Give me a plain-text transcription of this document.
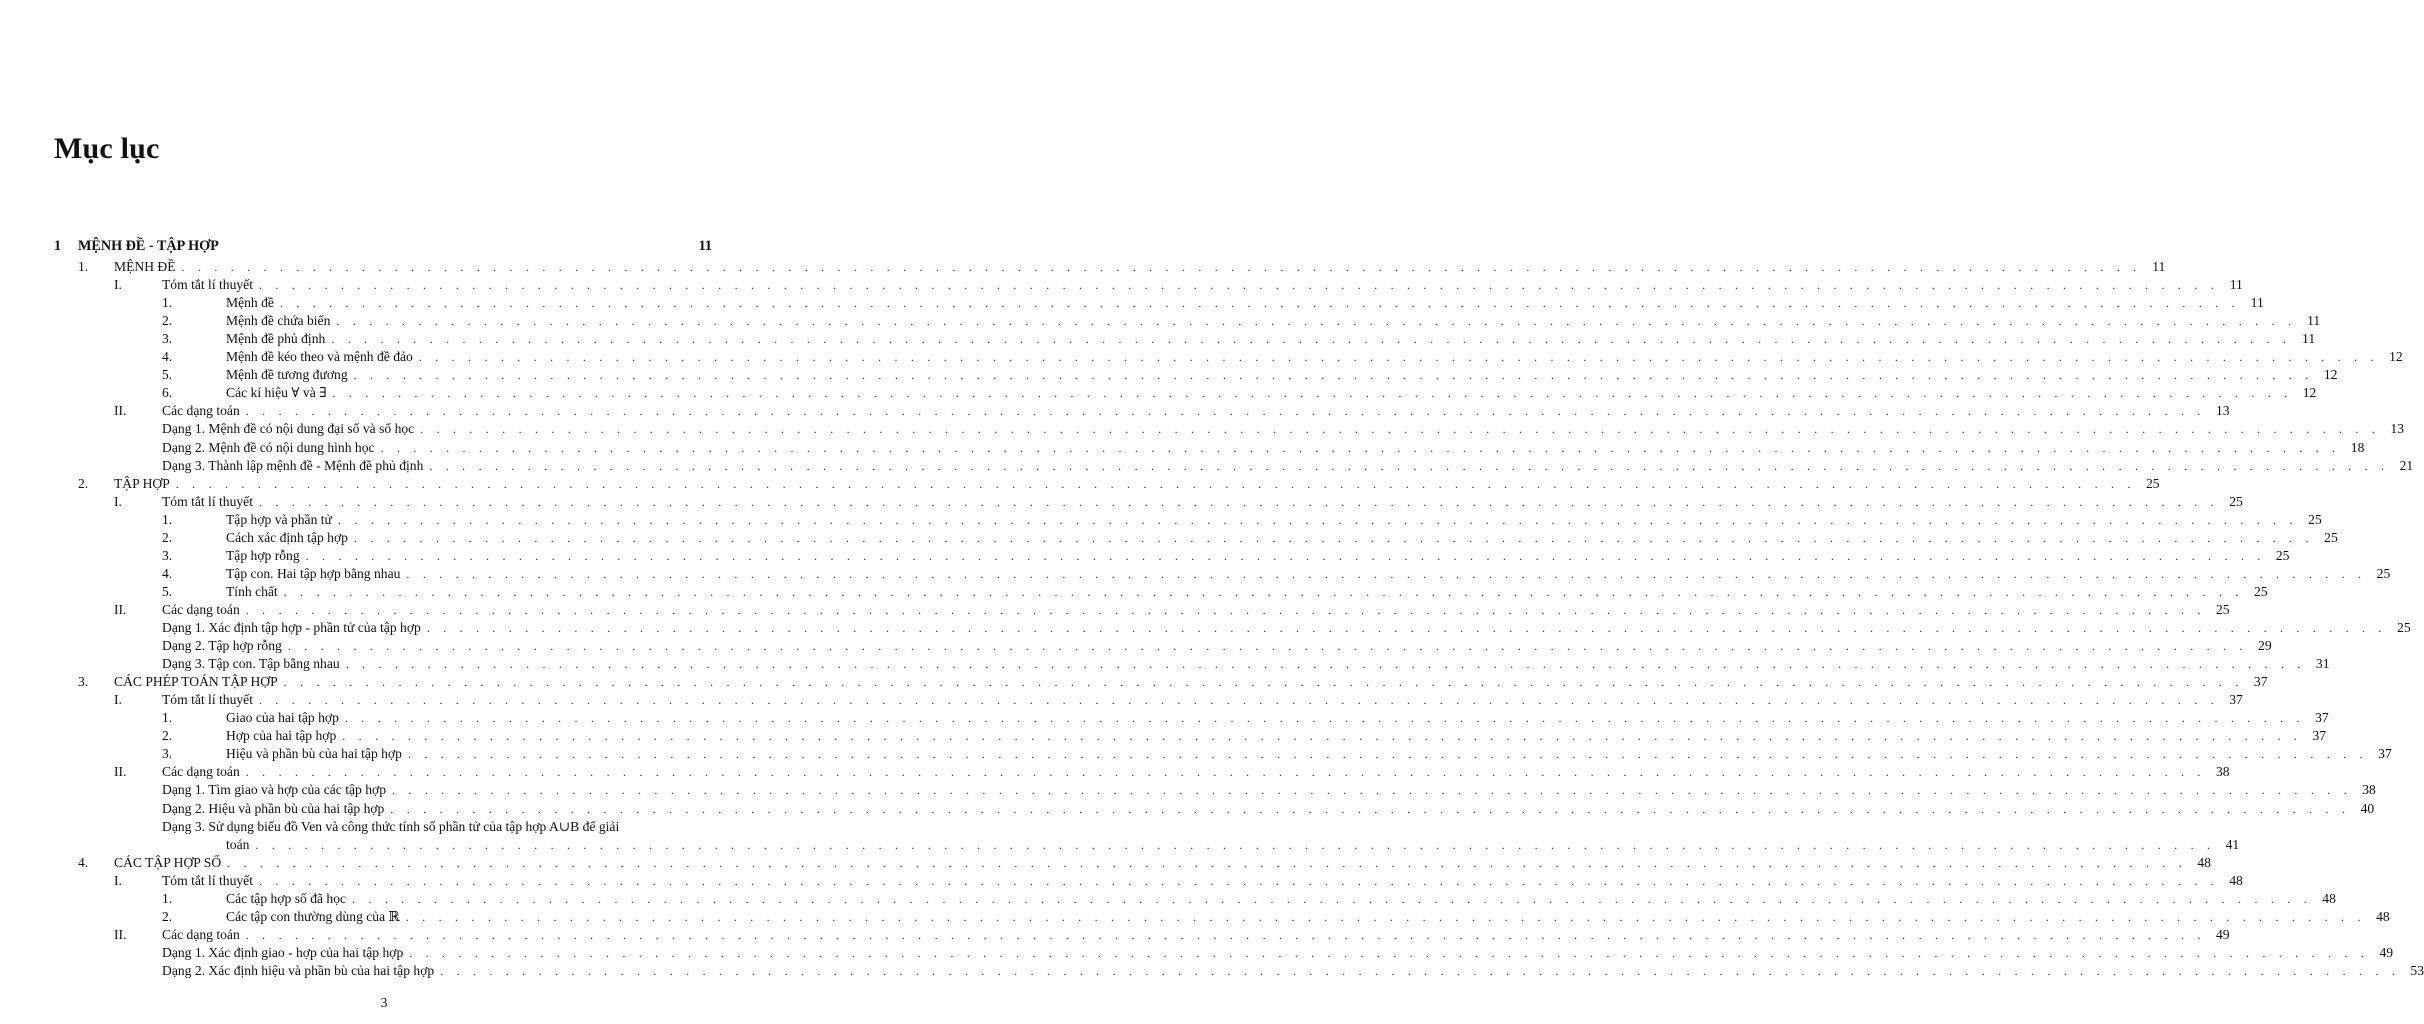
Mục lục
1 MỆNH ĐỀ - TẬP HỢP	11
1. MỆNH ĐỀ . . . . . . . . . . . . . . . . . . . . . . . . . . . . . . . . . . . . . . . . . . . . . . . . . . . . . . . . . . . . . . . . . . . . . . . . . . . . . . . . . . . . . . . . . . . . . . . . . . . . . . . . . . . . . . . . . . . . . . . . 11
I.	Tóm tắt lí thuyết . . . . . . . . . . . . . . . . . . . . . . . . . . . . . . . . . . . . . . . . . . . . . . . . . . . . . . . . . . . . . . . . . . . . . . . . . . . . . . . . . . . . . . . . . . . . . . . . . . . . . . . . . . . . . . . . . . . . . . . . 11
1.	Mệnh đề . . . . . . . . . . . . . . . . . . . . . . . . . . . . . . . . . . . . . . . . . . . . . . . . . . . . . . . . . . . . . . . . . . . . . . . . . . . . . . . . . . . . . . . . . . . . . . . . . . . . . . . . . . . . . . . . . . . . . . . . 11
2.	Mệnh đề chứa biến . . . . . . . . . . . . . . . . . . . . . . . . . . . . . . . . . . . . . . . . . . . . . . . . . . . . . . . . . . . . . . . . . . . . . . . . . . . . . . . . . . . . . . . . . . . . . . . . . . . . . . . . . . . . . . . . . . . . . . . . 11
3.	Mệnh đề phủ định . . . . . . . . . . . . . . . . . . . . . . . . . . . . . . . . . . . . . . . . . . . . . . . . . . . . . . . . . . . . . . . . . . . . . . . . . . . . . . . . . . . . . . . . . . . . . . . . . . . . . . . . . . . . . . . . . . . . . . . . 11
4.	Mệnh đề kéo theo và mệnh đề đảo . . . . . . . . . . . . . . . . . . . . . . . . . . . . . . . . . . . . . . . . . . . . . . . . . . . . . . . . . . . . . . . . . . . . . . . . . . . . . . . . . . . . . . . . . . . . . . . . . . . . . . . . . . . . . . . . . . . . . . . . 12
5.	Mệnh đề tương đương . . . . . . . . . . . . . . . . . . . . . . . . . . . . . . . . . . . . . . . . . . . . . . . . . . . . . . . . . . . . . . . . . . . . . . . . . . . . . . . . . . . . . . . . . . . . . . . . . . . . . . . . . . . . . . . . . . . . . . . . 12
6.	Các kí hiệu ∀ và ∃ . . . . . . . . . . . . . . . . . . . . . . . . . . . . . . . . . . . . . . . . . . . . . . . . . . . . . . . . . . . . . . . . . . . . . . . . . . . . . . . . . . . . . . . . . . . . . . . . . . . . . . . . . . . . . . . . . . . . . . . . 12
II.	Các dạng toán . . . . . . . . . . . . . . . . . . . . . . . . . . . . . . . . . . . . . . . . . . . . . . . . . . . . . . . . . . . . . . . . . . . . . . . . . . . . . . . . . . . . . . . . . . . . . . . . . . . . . . . . . . . . . . . . . . . . . . . . 13
Dạng 1. Mệnh đề có nội dung đại số và số học . . . . . . . . . . . . . . . . . . . . . . . . . . . . . . . . . . . . . . . . . . . . . . . . . . . . . . . . . . . . . . . . . . . . . . . . . . . . . . . . . . . . . . . . . . . . . . . . . . . . . . . . . . . . . . . . . . . . . . . . 13
Dạng 2. Mệnh đề có nội dung hình học . . . . . . . . . . . . . . . . . . . . . . . . . . . . . . . . . . . . . . . . . . . . . . . . . . . . . . . . . . . . . . . . . . . . . . . . . . . . . . . . . . . . . . . . . . . . . . . . . . . . . . . . . . . . . . . . . . . . . . . . 18
Dạng 3. Thành lập mệnh đề - Mệnh đề phủ định . . . . . . . . . . . . . . . . . . . . . . . . . . . . . . . . . . . . . . . . . . . . . . . . . . . . . . . . . . . . . . . . . . . . . . . . . . . . . . . . . . . . . . . . . . . . . . . . . . . . . . . . . . . . . . . . . . . . . . . . 21
2. TẬP HỢP . . . . . . . . . . . . . . . . . . . . . . . . . . . . . . . . . . . . . . . . . . . . . . . . . . . . . . . . . . . . . . . . . . . . . . . . . . . . . . . . . . . . . . . . . . . . . . . . . . . . . . . . . . . . . . . . . . . . . . . . 25
I.	Tóm tắt lí thuyết . . . . . . . . . . . . . . . . . . . . . . . . . . . . . . . . . . . . . . . . . . . . . . . . . . . . . . . . . . . . . . . . . . . . . . . . . . . . . . . . . . . . . . . . . . . . . . . . . . . . . . . . . . . . . . . . . . . . . . . . 25
1.	Tập hợp và phần tử . . . . . . . . . . . . . . . . . . . . . . . . . . . . . . . . . . . . . . . . . . . . . . . . . . . . . . . . . . . . . . . . . . . . . . . . . . . . . . . . . . . . . . . . . . . . . . . . . . . . . . . . . . . . . . . . . . . . . . . . 25
2.	Cách xác định tập hợp . . . . . . . . . . . . . . . . . . . . . . . . . . . . . . . . . . . . . . . . . . . . . . . . . . . . . . . . . . . . . . . . . . . . . . . . . . . . . . . . . . . . . . . . . . . . . . . . . . . . . . . . . . . . . . . . . . . . . . . . 25
3.	Tập hợp rỗng . . . . . . . . . . . . . . . . . . . . . . . . . . . . . . . . . . . . . . . . . . . . . . . . . . . . . . . . . . . . . . . . . . . . . . . . . . . . . . . . . . . . . . . . . . . . . . . . . . . . . . . . . . . . . . . . . . . . . . . . 25
4.	Tập con. Hai tập hợp bằng nhau . . . . . . . . . . . . . . . . . . . . . . . . . . . . . . . . . . . . . . . . . . . . . . . . . . . . . . . . . . . . . . . . . . . . . . . . . . . . . . . . . . . . . . . . . . . . . . . . . . . . . . . . . . . . . . . . . . . . . . . . 25
5.	Tính chất . . . . . . . . . . . . . . . . . . . . . . . . . . . . . . . . . . . . . . . . . . . . . . . . . . . . . . . . . . . . . . . . . . . . . . . . . . . . . . . . . . . . . . . . . . . . . . . . . . . . . . . . . . . . . . . . . . . . . . . . 25
II.	Các dạng toán . . . . . . . . . . . . . . . . . . . . . . . . . . . . . . . . . . . . . . . . . . . . . . . . . . . . . . . . . . . . . . . . . . . . . . . . . . . . . . . . . . . . . . . . . . . . . . . . . . . . . . . . . . . . . . . . . . . . . . . . 25
Dạng 1. Xác định tập hợp - phần tử của tập hợp . . . . . . . . . . . . . . . . . . . . . . . . . . . . . . . . . . . . . . . . . . . . . . . . . . . . . . . . . . . . . . . . . . . . . . . . . . . . . . . . . . . . . . . . . . . . . . . . . . . . . . . . . . . . . . . . . . . . . . . . 25
Dạng 2. Tập hợp rỗng . . . . . . . . . . . . . . . . . . . . . . . . . . . . . . . . . . . . . . . . . . . . . . . . . . . . . . . . . . . . . . . . . . . . . . . . . . . . . . . . . . . . . . . . . . . . . . . . . . . . . . . . . . . . . . . . . . . . . . . . 29
Dạng 3. Tập con. Tập bằng nhau . . . . . . . . . . . . . . . . . . . . . . . . . . . . . . . . . . . . . . . . . . . . . . . . . . . . . . . . . . . . . . . . . . . . . . . . . . . . . . . . . . . . . . . . . . . . . . . . . . . . . . . . . . . . . . . . . . . . . . . . 31
3. CÁC PHÉP TOÁN TẬP HỢP . . . . . . . . . . . . . . . . . . . . . . . . . . . . . . . . . . . . . . . . . . . . . . . . . . . . . . . . . . . . . . . . . . . . . . . . . . . . . . . . . . . . . . . . . . . . . . . . . . . . . . . . . . . . . . . . . . . . . . . . 37
I.	Tóm tắt lí thuyết . . . . . . . . . . . . . . . . . . . . . . . . . . . . . . . . . . . . . . . . . . . . . . . . . . . . . . . . . . . . . . . . . . . . . . . . . . . . . . . . . . . . . . . . . . . . . . . . . . . . . . . . . . . . . . . . . . . . . . . . 37
1.	Giao của hai tập hợp . . . . . . . . . . . . . . . . . . . . . . . . . . . . . . . . . . . . . . . . . . . . . . . . . . . . . . . . . . . . . . . . . . . . . . . . . . . . . . . . . . . . . . . . . . . . . . . . . . . . . . . . . . . . . . . . . . . . . . . . 37
2.	Hợp của hai tập hợp . . . . . . . . . . . . . . . . . . . . . . . . . . . . . . . . . . . . . . . . . . . . . . . . . . . . . . . . . . . . . . . . . . . . . . . . . . . . . . . . . . . . . . . . . . . . . . . . . . . . . . . . . . . . . . . . . . . . . . . . 37
3.	Hiệu và phần bù của hai tập hợp . . . . . . . . . . . . . . . . . . . . . . . . . . . . . . . . . . . . . . . . . . . . . . . . . . . . . . . . . . . . . . . . . . . . . . . . . . . . . . . . . . . . . . . . . . . . . . . . . . . . . . . . . . . . . . . . . . . . . . . . 37
II.	Các dạng toán . . . . . . . . . . . . . . . . . . . . . . . . . . . . . . . . . . . . . . . . . . . . . . . . . . . . . . . . . . . . . . . . . . . . . . . . . . . . . . . . . . . . . . . . . . . . . . . . . . . . . . . . . . . . . . . . . . . . . . . . 38
Dạng 1. Tìm giao và hợp của các tập hợp . . . . . . . . . . . . . . . . . . . . . . . . . . . . . . . . . . . . . . . . . . . . . . . . . . . . . . . . . . . . . . . . . . . . . . . . . . . . . . . . . . . . . . . . . . . . . . . . . . . . . . . . . . . . . . . . . . . . . . . . 38
Dạng 2. Hiệu và phần bù của hai tập hợp . . . . . . . . . . . . . . . . . . . . . . . . . . . . . . . . . . . . . . . . . . . . . . . . . . . . . . . . . . . . . . . . . . . . . . . . . . . . . . . . . . . . . . . . . . . . . . . . . . . . . . . . . . . . . . . . . . . . . . . . 40
Dạng 3. Sử dụng biểu đồ Ven và công thức tính số phần tử của tập hợp A∪B để giải
toán . . . . . . . . . . . . . . . . . . . . . . . . . . . . . . . . . . . . . . . . . . . . . . . . . . . . . . . . . . . . . . . . . . . . . . . . . . . . . . . . . . . . . . . . . . . . . . . . . . . . . . . . . . . . . . . . . . . . . . . . 41
4. CÁC TẬP HỢP SỐ . . . . . . . . . . . . . . . . . . . . . . . . . . . . . . . . . . . . . . . . . . . . . . . . . . . . . . . . . . . . . . . . . . . . . . . . . . . . . . . . . . . . . . . . . . . . . . . . . . . . . . . . . . . . . . . . . . . . . . . . 48
I.	Tóm tắt lí thuyết . . . . . . . . . . . . . . . . . . . . . . . . . . . . . . . . . . . . . . . . . . . . . . . . . . . . . . . . . . . . . . . . . . . . . . . . . . . . . . . . . . . . . . . . . . . . . . . . . . . . . . . . . . . . . . . . . . . . . . . . 48
1.	Các tập hợp số đã học . . . . . . . . . . . . . . . . . . . . . . . . . . . . . . . . . . . . . . . . . . . . . . . . . . . . . . . . . . . . . . . . . . . . . . . . . . . . . . . . . . . . . . . . . . . . . . . . . . . . . . . . . . . . . . . . . . . . . . . . 48
2.	Các tập con thường dùng của ℝ . . . . . . . . . . . . . . . . . . . . . . . . . . . . . . . . . . . . . . . . . . . . . . . . . . . . . . . . . . . . . . . . . . . . . . . . . . . . . . . . . . . . . . . . . . . . . . . . . . . . . . . . . . . . . . . . . . . . . . . . 48
II.	Các dạng toán . . . . . . . . . . . . . . . . . . . . . . . . . . . . . . . . . . . . . . . . . . . . . . . . . . . . . . . . . . . . . . . . . . . . . . . . . . . . . . . . . . . . . . . . . . . . . . . . . . . . . . . . . . . . . . . . . . . . . . . . 49
Dạng 1. Xác định giao - hợp của hai tập hợp . . . . . . . . . . . . . . . . . . . . . . . . . . . . . . . . . . . . . . . . . . . . . . . . . . . . . . . . . . . . . . . . . . . . . . . . . . . . . . . . . . . . . . . . . . . . . . . . . . . . . . . . . . . . . . . . . . . . . . . . 49
Dạng 2. Xác định hiệu và phần bù của hai tập hợp . . . . . . . . . . . . . . . . . . . . . . . . . . . . . . . . . . . . . . . . . . . . . . . . . . . . . . . . . . . . . . . . . . . . . . . . . . . . . . . . . . . . . . . . . . . . . . . . . . . . . . . . . . . . . . . . . . . . . . . . 53
3
